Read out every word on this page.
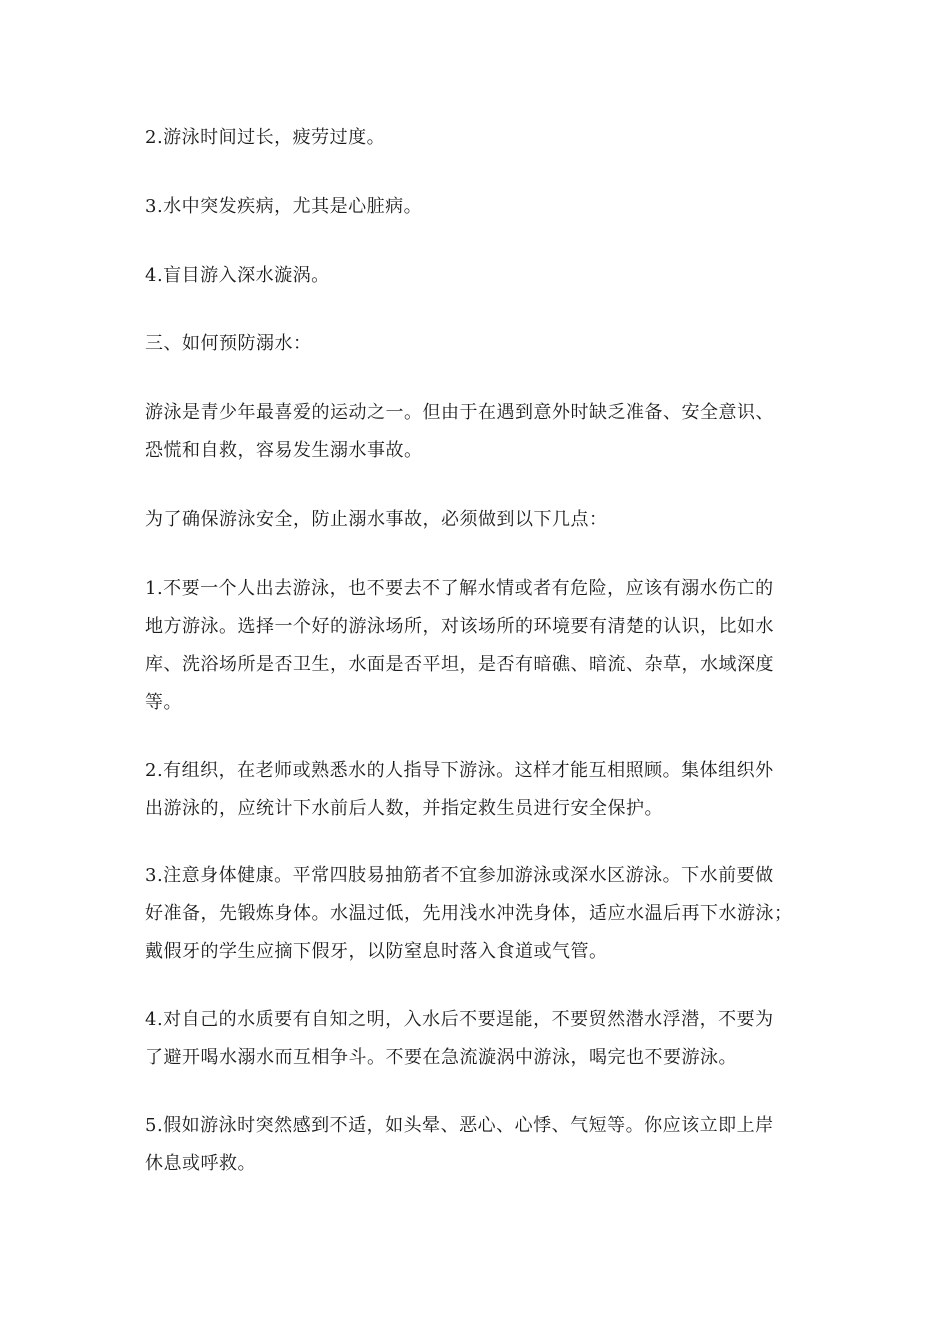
2.游泳时间过长，疲劳过度。

3.水中突发疾病，尤其是心脏病。

4.盲目游入深水漩涡。

三、如何预防溺水：

游泳是青少年最喜爱的运动之一。但由于在遇到意外时缺乏准备、安全意识、
恐慌和自救，容易发生溺水事故。

为了确保游泳安全，防止溺水事故，必须做到以下几点：

1.不要一个人出去游泳，也不要去不了解水情或者有危险，应该有溺水伤亡的
地方游泳。选择一个好的游泳场所，对该场所的环境要有清楚的认识，比如水
库、洗浴场所是否卫生，水面是否平坦，是否有暗礁、暗流、杂草，水域深度
等。

2.有组织，在老师或熟悉水的人指导下游泳。这样才能互相照顾。集体组织外
出游泳的，应统计下水前后人数，并指定救生员进行安全保护。

3.注意身体健康。平常四肢易抽筋者不宜参加游泳或深水区游泳。下水前要做
好准备，先锻炼身体。水温过低，先用浅水冲洗身体，适应水温后再下水游泳；
戴假牙的学生应摘下假牙，以防窒息时落入食道或气管。

4.对自己的水质要有自知之明，入水后不要逞能，不要贸然潜水浮潜，不要为
了避开喝水溺水而互相争斗。不要在急流漩涡中游泳，喝完也不要游泳。

5.假如游泳时突然感到不适，如头晕、恶心、心悸、气短等。你应该立即上岸
休息或呼救。
